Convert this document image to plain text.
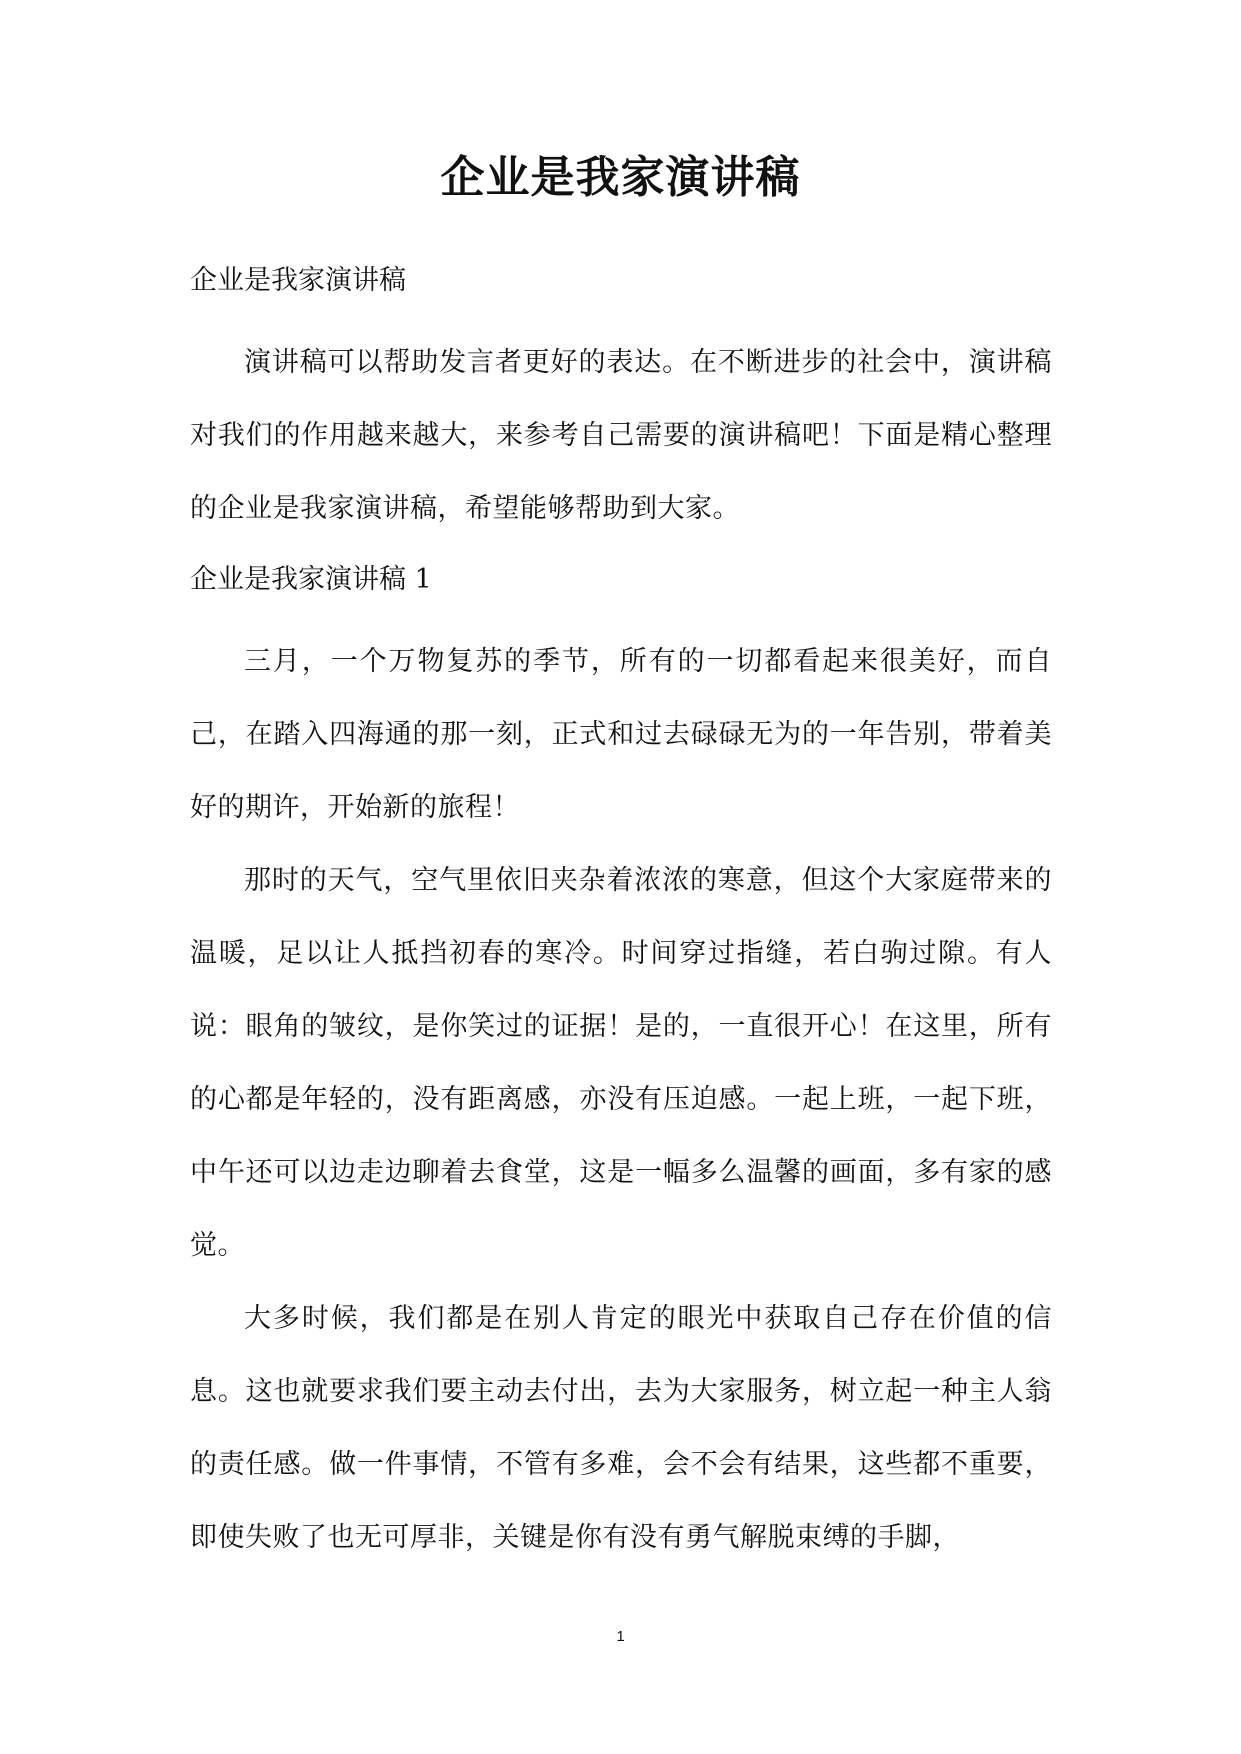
企业是我家演讲稿

企业是我家演讲稿

演讲稿可以帮助发言者更好的表达。在不断进步的社会中，演讲稿对我们的作用越来越大，来参考自己需要的演讲稿吧！下面是精心整理的企业是我家演讲稿，希望能够帮助到大家。

企业是我家演讲稿 1

三月，一个万物复苏的季节，所有的一切都看起来很美好，而自己，在踏入四海通的那一刻，正式和过去碌碌无为的一年告别，带着美好的期许，开始新的旅程！

那时的天气，空气里依旧夹杂着浓浓的寒意，但这个大家庭带来的温暖，足以让人抵挡初春的寒冷。时间穿过指缝，若白驹过隙。有人说：眼角的皱纹，是你笑过的证据！是的，一直很开心！在这里，所有的心都是年轻的，没有距离感，亦没有压迫感。一起上班，一起下班，中午还可以边走边聊着去食堂，这是一幅多么温馨的画面，多有家的感觉。

大多时候，我们都是在别人肯定的眼光中获取自己存在价值的信息。这也就要求我们要主动去付出，去为大家服务，树立起一种主人翁的责任感。做一件事情，不管有多难，会不会有结果，这些都不重要，即使失败了也无可厚非，关键是你有没有勇气解脱束缚的手脚，

1
